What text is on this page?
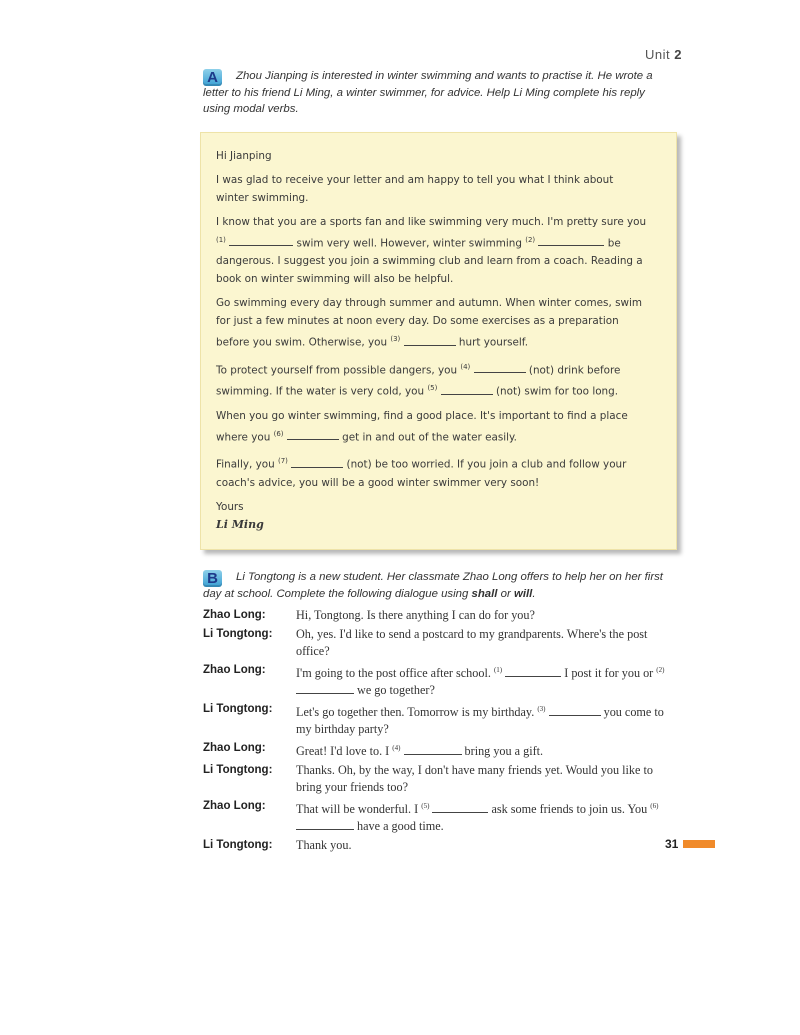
Unit 2
A Zhou Jianping is interested in winter swimming and wants to practise it. He wrote a letter to his friend Li Ming, a winter swimmer, for advice. Help Li Ming complete his reply using modal verbs.

Hi Jianping

I was glad to receive your letter and am happy to tell you what I think about winter swimming.

I know that you are a sports fan and like swimming very much. I'm pretty sure you $^{(1)}$	swim very well. However, winter swimming $^{(2)}$	be dangerous. I suggest you join a swimming club and learn from a coach. Reading a book on winter swimming will also be helpful.

Go swimming every day through summer and autumn. When winter comes, swim for just a few minutes at noon every day. Do some exercises as a preparation before you swim. Otherwise, you $^{(3)}$	hurt yourself.

To protect yourself from possible dangers, you $^{(4)}$	(not) drink before swimming. If the water is very cold, you $^{(5)}$	(not) swim for too long.

When you go winter swimming, find a good place. It's important to find a place where you $^{(6)}$	get in and out of the water easily.

Finally, you $^{(7)}$	(not) be too worried. If you join a club and follow your coach's advice, you will be a good winter swimmer very soon!

Yours

Li Ming

B Li Tongtong is a new student. Her classmate Zhao Long offers to help her on her first day at school. Complete the following dialogue using shall or will.
Zhao Long:	Hi, Tongtong. Is there anything I can do for you?
Li Tongtong:	Oh, yes. I'd like to send a postcard to my grandparents. Where's the post office?
Zhao Long:	I'm going to the post office after school. $^{(1)}$	I post it for you or $^{(2)}$  we go together?
Li Tongtong:	Let's go together then. Tomorrow is my birthday. $^{(3)}$	you come to my birthday party?
Zhao Long:	Great! I'd love to. I $^{(4)}$	bring you a gift.
Li Tongtong:	Thanks. Oh, by the way, I don't have many friends yet. Would you like to bring your friends too?
Zhao Long:	That will be wonderful. I $^{(5)}$	ask some friends to join us. You $^{(6)}$  have a good time.
Li Tongtong:	Thank you.	31
